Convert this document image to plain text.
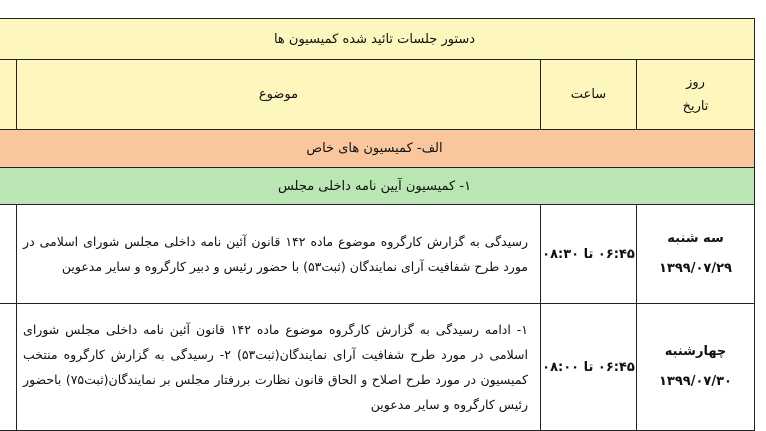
دستور جلسات تائید شده کمیسیون ها			

روز
تاریخ	ساعت	موضوع	
الف- کمیسیون های خاص			
۱- کمیسیون آیین نامه داخلی مجلس			

سه شنبه
۱۳۹۹/۰۷/۲۹	۰۶:۴۵ تا ۰۸:۳۰	رسیدگی به گزارش کارگروه موضوع ماده ۱۴۲ قانون آئین نامه داخلی مجلس شورای اسلامی در مورد طرح شفافیت آرای نمایندگان (ثبت۵۳) با حضور رئیس و دبیر کارگروه و سایر مدعوین	

چهارشنبه
۱۳۹۹/۰۷/۳۰	۰۶:۴۵ تا ۰۸:۰۰	۱- ادامه رسیدگی به گزارش کارگروه موضوع ماده ۱۴۲ قانون آئین نامه داخلی مجلس شورای اسلامی در مورد طرح شفافیت آرای نمایندگان(ثبت۵۳) ۲- رسیدگی به گزارش کارگروه منتخب کمیسیون در مورد طرح اصلاح و الحاق قانون نظارت بررفتار مجلس بر نمایندگان(ثبت۷۵) باحضور رئیس کارگروه و سایر مدعوین	
